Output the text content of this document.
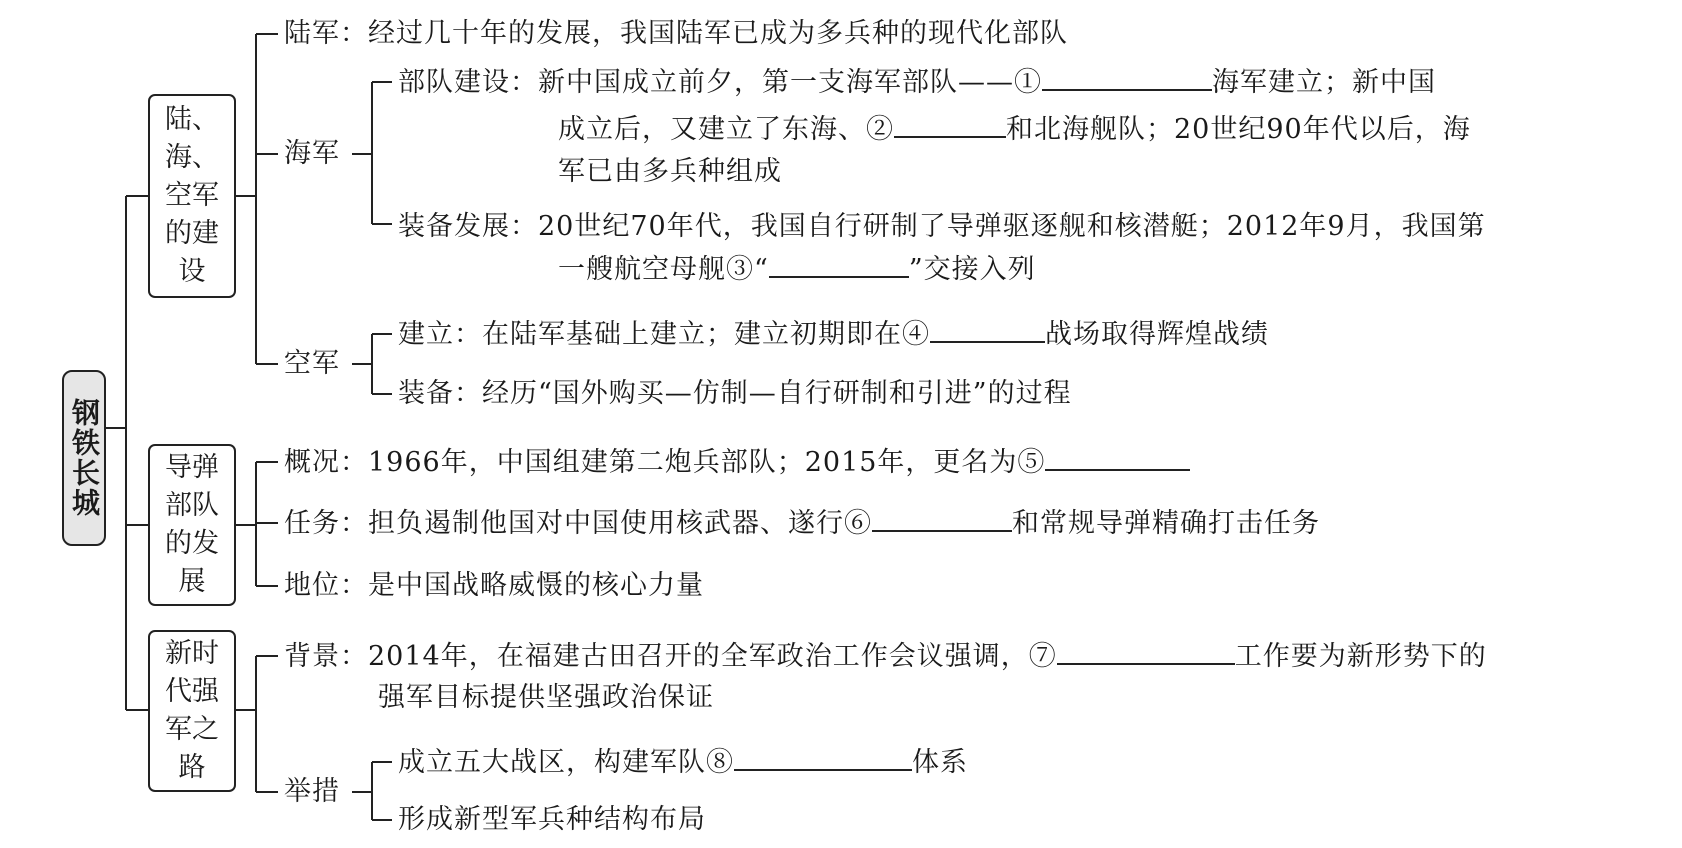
钢铁长城
陆、
海、
空军
的建
设
导弹
部队
的发
展
新时
代强
军之
路
陆军：经过几十年的发展，我国陆军已成为多兵种的现代化部队
海军
部队建设：新中国成立前夕，第一支海军部队——①	海军建立；新中国
成立后，又建立了东海、②	和北海舰队；20世纪90年代以后，海
军已由多兵种组成
装备发展：20世纪70年代，我国自行研制了导弹驱逐舰和核潜艇；2012年9月，我国第
一艘航空母舰③“	”交接入列
空军
建立：在陆军基础上建立；建立初期即在④	战场取得辉煌战绩
装备：经历“国外购买—仿制—自行研制和引进”的过程
概况：1966年，中国组建第二炮兵部队；2015年，更名为⑤
任务：担负遏制他国对中国使用核武器、遂行⑥	和常规导弹精确打击任务
地位：是中国战略威慑的核心力量
背景：2014年，在福建古田召开的全军政治工作会议强调，⑦	工作要为新形势下的
强军目标提供坚强政治保证
举措
成立五大战区，构建军队⑧	体系
形成新型军兵种结构布局
